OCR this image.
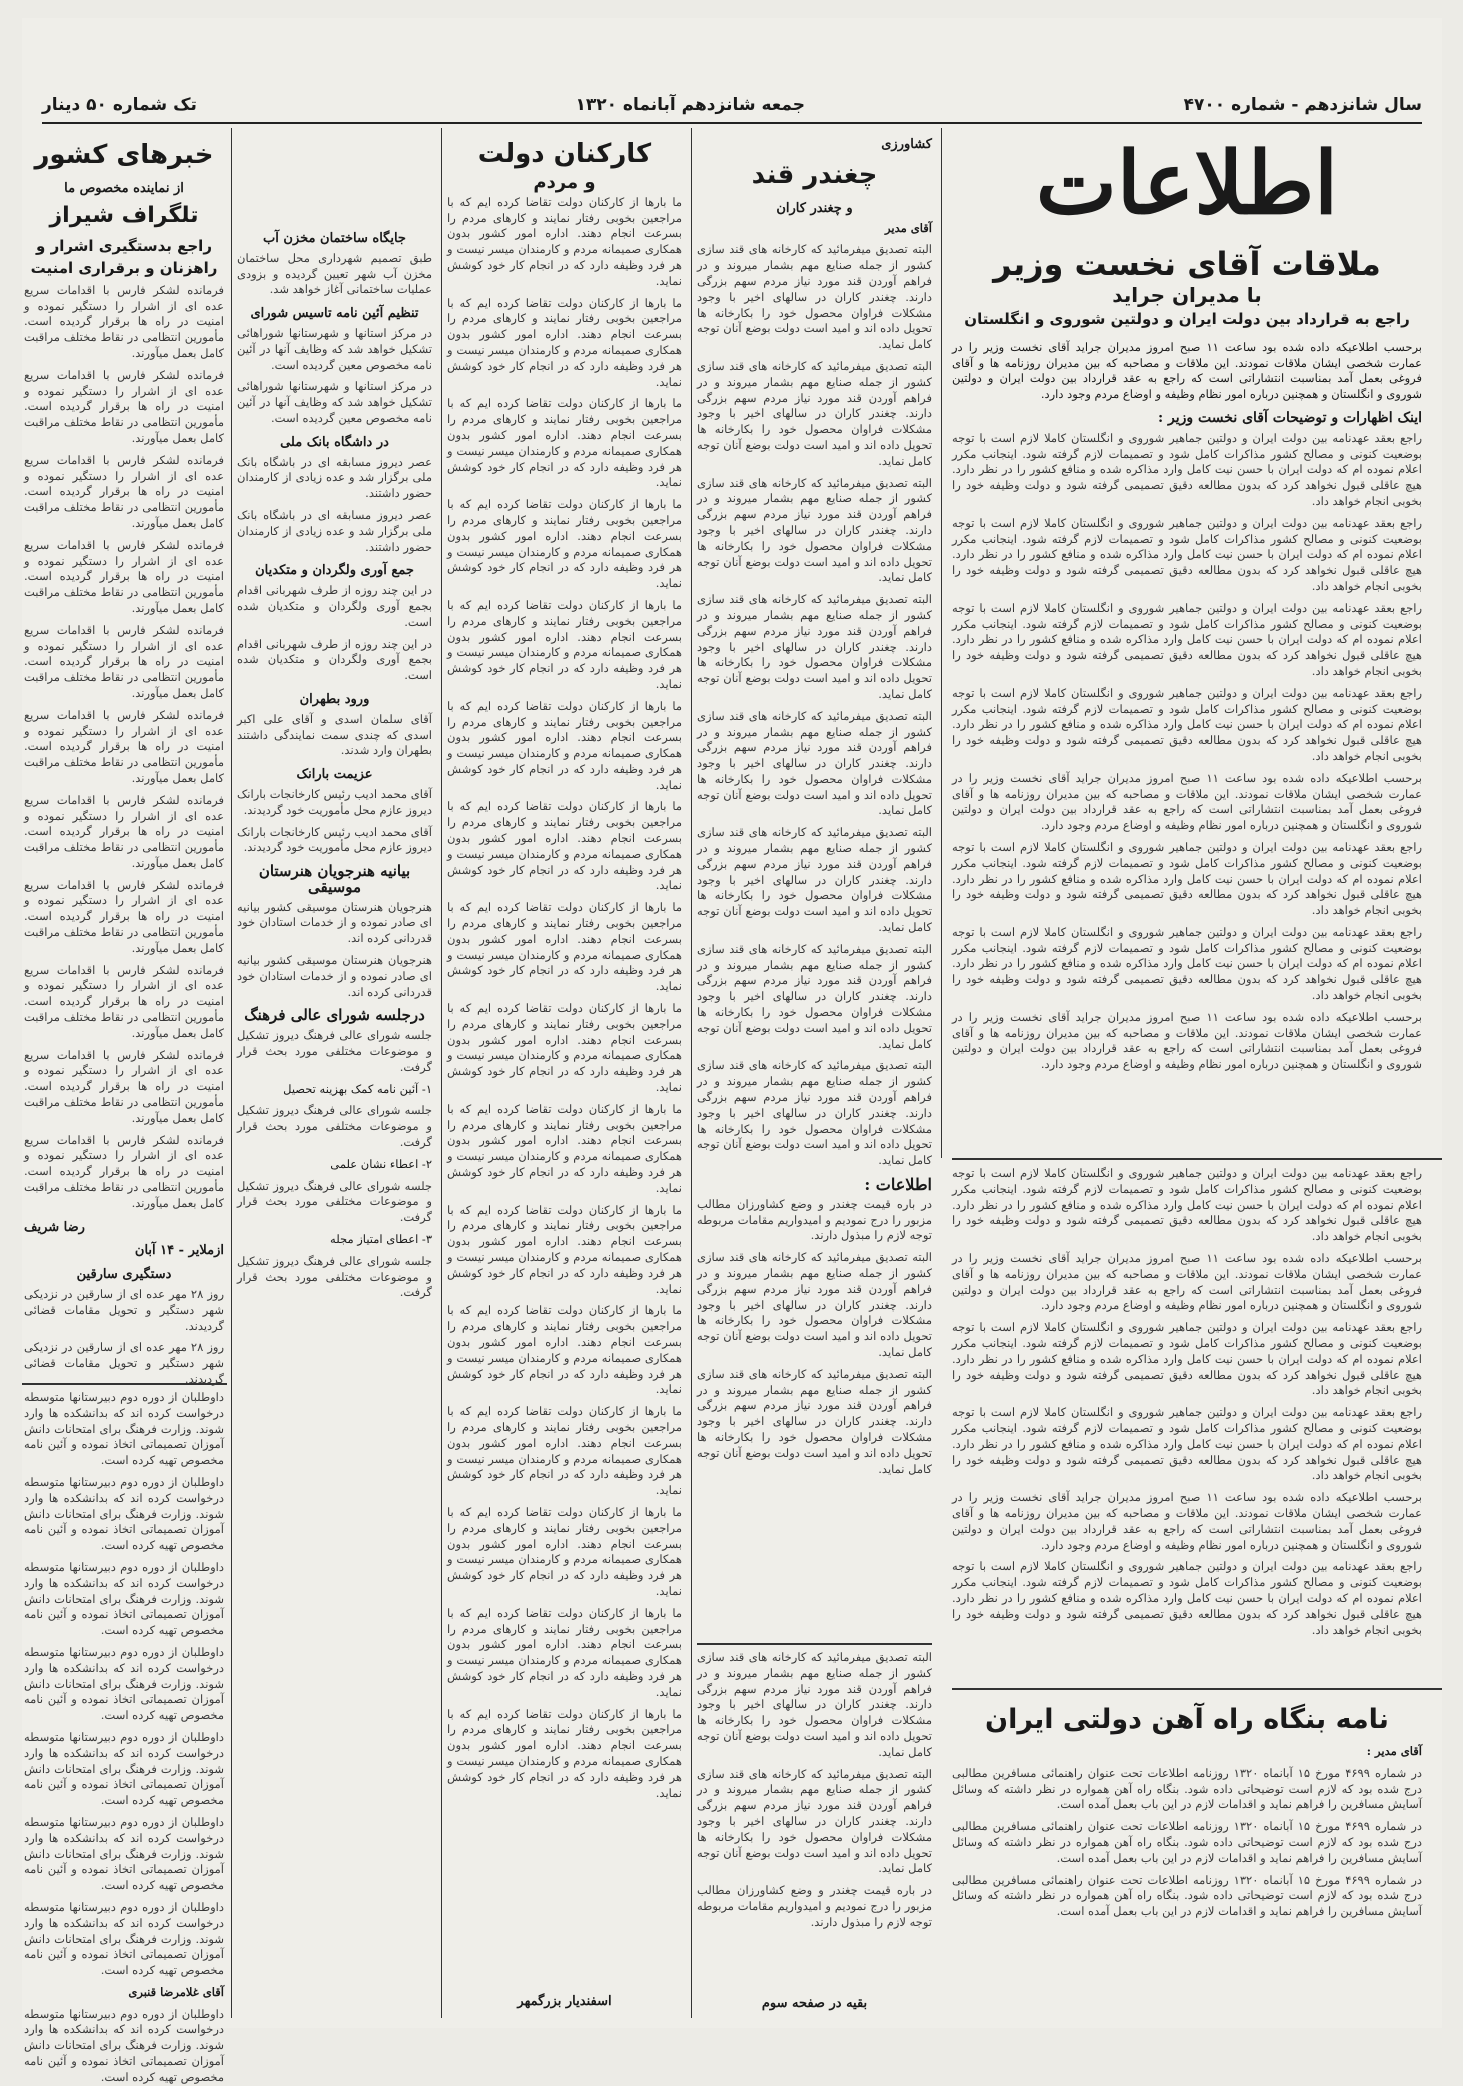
سال شانزدهم - شماره ۴۷۰۰
جمعه شانزدهم آبانماه ۱۳۲۰
تک شماره ۵۰ دینار
اطلاعات
ملاقات آقای نخست وزیر
با مدیران جراید
راجع به قرارداد بین دولت ایران و دولتین شوروی و انگلستان

برحسب اطلاعیکه داده شده بود ساعت ۱۱ صبح امروز مدیران جراید آقای نخست وزیر را در عمارت شخصی ایشان ملاقات نمودند. این ملاقات و مصاحبه که بین مدیران روزنامه ها و آقای فروغی بعمل آمد بمناسبت انتشاراتی است که راجع به عقد قرارداد بین دولت ایران و دولتین شوروی و انگلستان و همچنین درباره امور نظام وظیفه و اوضاع مردم وجود دارد.

اینک اظهارات و توضیحات آقای نخست وزیر :

راجع بعقد عهدنامه بین دولت ایران و دولتین جماهیر شوروی و انگلستان کاملا لازم است با توجه بوضعیت کنونی و مصالح کشور مذاکرات کامل شود و تصمیمات لازم گرفته شود. اینجانب مکرر اعلام نموده ام که دولت ایران با حسن نیت کامل وارد مذاکره شده و منافع کشور را در نظر دارد. هیچ عاقلی قبول نخواهد کرد که بدون مطالعه دقیق تصمیمی گرفته شود و دولت وظیفه خود را بخوبی انجام خواهد داد.

راجع بعقد عهدنامه بین دولت ایران و دولتین جماهیر شوروی و انگلستان کاملا لازم است با توجه بوضعیت کنونی و مصالح کشور مذاکرات کامل شود و تصمیمات لازم گرفته شود. اینجانب مکرر اعلام نموده ام که دولت ایران با حسن نیت کامل وارد مذاکره شده و منافع کشور را در نظر دارد. هیچ عاقلی قبول نخواهد کرد که بدون مطالعه دقیق تصمیمی گرفته شود و دولت وظیفه خود را بخوبی انجام خواهد داد.

راجع بعقد عهدنامه بین دولت ایران و دولتین جماهیر شوروی و انگلستان کاملا لازم است با توجه بوضعیت کنونی و مصالح کشور مذاکرات کامل شود و تصمیمات لازم گرفته شود. اینجانب مکرر اعلام نموده ام که دولت ایران با حسن نیت کامل وارد مذاکره شده و منافع کشور را در نظر دارد. هیچ عاقلی قبول نخواهد کرد که بدون مطالعه دقیق تصمیمی گرفته شود و دولت وظیفه خود را بخوبی انجام خواهد داد.

راجع بعقد عهدنامه بین دولت ایران و دولتین جماهیر شوروی و انگلستان کاملا لازم است با توجه بوضعیت کنونی و مصالح کشور مذاکرات کامل شود و تصمیمات لازم گرفته شود. اینجانب مکرر اعلام نموده ام که دولت ایران با حسن نیت کامل وارد مذاکره شده و منافع کشور را در نظر دارد. هیچ عاقلی قبول نخواهد کرد که بدون مطالعه دقیق تصمیمی گرفته شود و دولت وظیفه خود را بخوبی انجام خواهد داد.

برحسب اطلاعیکه داده شده بود ساعت ۱۱ صبح امروز مدیران جراید آقای نخست وزیر را در عمارت شخصی ایشان ملاقات نمودند. این ملاقات و مصاحبه که بین مدیران روزنامه ها و آقای فروغی بعمل آمد بمناسبت انتشاراتی است که راجع به عقد قرارداد بین دولت ایران و دولتین شوروی و انگلستان و همچنین درباره امور نظام وظیفه و اوضاع مردم وجود دارد.

راجع بعقد عهدنامه بین دولت ایران و دولتین جماهیر شوروی و انگلستان کاملا لازم است با توجه بوضعیت کنونی و مصالح کشور مذاکرات کامل شود و تصمیمات لازم گرفته شود. اینجانب مکرر اعلام نموده ام که دولت ایران با حسن نیت کامل وارد مذاکره شده و منافع کشور را در نظر دارد. هیچ عاقلی قبول نخواهد کرد که بدون مطالعه دقیق تصمیمی گرفته شود و دولت وظیفه خود را بخوبی انجام خواهد داد.

راجع بعقد عهدنامه بین دولت ایران و دولتین جماهیر شوروی و انگلستان کاملا لازم است با توجه بوضعیت کنونی و مصالح کشور مذاکرات کامل شود و تصمیمات لازم گرفته شود. اینجانب مکرر اعلام نموده ام که دولت ایران با حسن نیت کامل وارد مذاکره شده و منافع کشور را در نظر دارد. هیچ عاقلی قبول نخواهد کرد که بدون مطالعه دقیق تصمیمی گرفته شود و دولت وظیفه خود را بخوبی انجام خواهد داد.

برحسب اطلاعیکه داده شده بود ساعت ۱۱ صبح امروز مدیران جراید آقای نخست وزیر را در عمارت شخصی ایشان ملاقات نمودند. این ملاقات و مصاحبه که بین مدیران روزنامه ها و آقای فروغی بعمل آمد بمناسبت انتشاراتی است که راجع به عقد قرارداد بین دولت ایران و دولتین شوروی و انگلستان و همچنین درباره امور نظام وظیفه و اوضاع مردم وجود دارد.

نامه بنگاه راه آهن دولتی ایران

آقای مدیر :

در شماره ۴۶۹۹ مورخ ۱۵ آبانماه ۱۳۲۰ روزنامه اطلاعات تحت عنوان راهنمائی مسافرین مطالبی درج شده بود که لازم است توضیحاتی داده شود. بنگاه راه آهن همواره در نظر داشته که وسائل آسایش مسافرین را فراهم نماید و اقدامات لازم در این باب بعمل آمده است.

در شماره ۴۶۹۹ مورخ ۱۵ آبانماه ۱۳۲۰ روزنامه اطلاعات تحت عنوان راهنمائی مسافرین مطالبی درج شده بود که لازم است توضیحاتی داده شود. بنگاه راه آهن همواره در نظر داشته که وسائل آسایش مسافرین را فراهم نماید و اقدامات لازم در این باب بعمل آمده است.

در شماره ۴۶۹۹ مورخ ۱۵ آبانماه ۱۳۲۰ روزنامه اطلاعات تحت عنوان راهنمائی مسافرین مطالبی درج شده بود که لازم است توضیحاتی داده شود. بنگاه راه آهن همواره در نظر داشته که وسائل آسایش مسافرین را فراهم نماید و اقدامات لازم در این باب بعمل آمده است.

راجع بعقد عهدنامه بین دولت ایران و دولتین جماهیر شوروی و انگلستان کاملا لازم است با توجه بوضعیت کنونی و مصالح کشور مذاکرات کامل شود و تصمیمات لازم گرفته شود. اینجانب مکرر اعلام نموده ام که دولت ایران با حسن نیت کامل وارد مذاکره شده و منافع کشور را در نظر دارد. هیچ عاقلی قبول نخواهد کرد که بدون مطالعه دقیق تصمیمی گرفته شود و دولت وظیفه خود را بخوبی انجام خواهد داد.

برحسب اطلاعیکه داده شده بود ساعت ۱۱ صبح امروز مدیران جراید آقای نخست وزیر را در عمارت شخصی ایشان ملاقات نمودند. این ملاقات و مصاحبه که بین مدیران روزنامه ها و آقای فروغی بعمل آمد بمناسبت انتشاراتی است که راجع به عقد قرارداد بین دولت ایران و دولتین شوروی و انگلستان و همچنین درباره امور نظام وظیفه و اوضاع مردم وجود دارد.

راجع بعقد عهدنامه بین دولت ایران و دولتین جماهیر شوروی و انگلستان کاملا لازم است با توجه بوضعیت کنونی و مصالح کشور مذاکرات کامل شود و تصمیمات لازم گرفته شود. اینجانب مکرر اعلام نموده ام که دولت ایران با حسن نیت کامل وارد مذاکره شده و منافع کشور را در نظر دارد. هیچ عاقلی قبول نخواهد کرد که بدون مطالعه دقیق تصمیمی گرفته شود و دولت وظیفه خود را بخوبی انجام خواهد داد.

راجع بعقد عهدنامه بین دولت ایران و دولتین جماهیر شوروی و انگلستان کاملا لازم است با توجه بوضعیت کنونی و مصالح کشور مذاکرات کامل شود و تصمیمات لازم گرفته شود. اینجانب مکرر اعلام نموده ام که دولت ایران با حسن نیت کامل وارد مذاکره شده و منافع کشور را در نظر دارد. هیچ عاقلی قبول نخواهد کرد که بدون مطالعه دقیق تصمیمی گرفته شود و دولت وظیفه خود را بخوبی انجام خواهد داد.

برحسب اطلاعیکه داده شده بود ساعت ۱۱ صبح امروز مدیران جراید آقای نخست وزیر را در عمارت شخصی ایشان ملاقات نمودند. این ملاقات و مصاحبه که بین مدیران روزنامه ها و آقای فروغی بعمل آمد بمناسبت انتشاراتی است که راجع به عقد قرارداد بین دولت ایران و دولتین شوروی و انگلستان و همچنین درباره امور نظام وظیفه و اوضاع مردم وجود دارد.

راجع بعقد عهدنامه بین دولت ایران و دولتین جماهیر شوروی و انگلستان کاملا لازم است با توجه بوضعیت کنونی و مصالح کشور مذاکرات کامل شود و تصمیمات لازم گرفته شود. اینجانب مکرر اعلام نموده ام که دولت ایران با حسن نیت کامل وارد مذاکره شده و منافع کشور را در نظر دارد. هیچ عاقلی قبول نخواهد کرد که بدون مطالعه دقیق تصمیمی گرفته شود و دولت وظیفه خود را بخوبی انجام خواهد داد.

کشاورزی
چغندر قند
و چغندر کاران

آقای مدیر

البته تصدیق میفرمائید که کارخانه های قند سازی کشور از جمله صنایع مهم بشمار میروند و در فراهم آوردن قند مورد نیاز مردم سهم بزرگی دارند. چغندر کاران در سالهای اخیر با وجود مشکلات فراوان محصول خود را بکارخانه ها تحویل داده اند و امید است دولت بوضع آنان توجه کامل نماید.

البته تصدیق میفرمائید که کارخانه های قند سازی کشور از جمله صنایع مهم بشمار میروند و در فراهم آوردن قند مورد نیاز مردم سهم بزرگی دارند. چغندر کاران در سالهای اخیر با وجود مشکلات فراوان محصول خود را بکارخانه ها تحویل داده اند و امید است دولت بوضع آنان توجه کامل نماید.

البته تصدیق میفرمائید که کارخانه های قند سازی کشور از جمله صنایع مهم بشمار میروند و در فراهم آوردن قند مورد نیاز مردم سهم بزرگی دارند. چغندر کاران در سالهای اخیر با وجود مشکلات فراوان محصول خود را بکارخانه ها تحویل داده اند و امید است دولت بوضع آنان توجه کامل نماید.

البته تصدیق میفرمائید که کارخانه های قند سازی کشور از جمله صنایع مهم بشمار میروند و در فراهم آوردن قند مورد نیاز مردم سهم بزرگی دارند. چغندر کاران در سالهای اخیر با وجود مشکلات فراوان محصول خود را بکارخانه ها تحویل داده اند و امید است دولت بوضع آنان توجه کامل نماید.

البته تصدیق میفرمائید که کارخانه های قند سازی کشور از جمله صنایع مهم بشمار میروند و در فراهم آوردن قند مورد نیاز مردم سهم بزرگی دارند. چغندر کاران در سالهای اخیر با وجود مشکلات فراوان محصول خود را بکارخانه ها تحویل داده اند و امید است دولت بوضع آنان توجه کامل نماید.

البته تصدیق میفرمائید که کارخانه های قند سازی کشور از جمله صنایع مهم بشمار میروند و در فراهم آوردن قند مورد نیاز مردم سهم بزرگی دارند. چغندر کاران در سالهای اخیر با وجود مشکلات فراوان محصول خود را بکارخانه ها تحویل داده اند و امید است دولت بوضع آنان توجه کامل نماید.

البته تصدیق میفرمائید که کارخانه های قند سازی کشور از جمله صنایع مهم بشمار میروند و در فراهم آوردن قند مورد نیاز مردم سهم بزرگی دارند. چغندر کاران در سالهای اخیر با وجود مشکلات فراوان محصول خود را بکارخانه ها تحویل داده اند و امید است دولت بوضع آنان توجه کامل نماید.

البته تصدیق میفرمائید که کارخانه های قند سازی کشور از جمله صنایع مهم بشمار میروند و در فراهم آوردن قند مورد نیاز مردم سهم بزرگی دارند. چغندر کاران در سالهای اخیر با وجود مشکلات فراوان محصول خود را بکارخانه ها تحویل داده اند و امید است دولت بوضع آنان توجه کامل نماید.

اطلاعات :

در باره قیمت چغندر و وضع کشاورزان مطالب مزبور را درج نمودیم و امیدواریم مقامات مربوطه توجه لازم را مبذول دارند.

البته تصدیق میفرمائید که کارخانه های قند سازی کشور از جمله صنایع مهم بشمار میروند و در فراهم آوردن قند مورد نیاز مردم سهم بزرگی دارند. چغندر کاران در سالهای اخیر با وجود مشکلات فراوان محصول خود را بکارخانه ها تحویل داده اند و امید است دولت بوضع آنان توجه کامل نماید.

البته تصدیق میفرمائید که کارخانه های قند سازی کشور از جمله صنایع مهم بشمار میروند و در فراهم آوردن قند مورد نیاز مردم سهم بزرگی دارند. چغندر کاران در سالهای اخیر با وجود مشکلات فراوان محصول خود را بکارخانه ها تحویل داده اند و امید است دولت بوضع آنان توجه کامل نماید.

البته تصدیق میفرمائید که کارخانه های قند سازی کشور از جمله صنایع مهم بشمار میروند و در فراهم آوردن قند مورد نیاز مردم سهم بزرگی دارند. چغندر کاران در سالهای اخیر با وجود مشکلات فراوان محصول خود را بکارخانه ها تحویل داده اند و امید است دولت بوضع آنان توجه کامل نماید.

البته تصدیق میفرمائید که کارخانه های قند سازی کشور از جمله صنایع مهم بشمار میروند و در فراهم آوردن قند مورد نیاز مردم سهم بزرگی دارند. چغندر کاران در سالهای اخیر با وجود مشکلات فراوان محصول خود را بکارخانه ها تحویل داده اند و امید است دولت بوضع آنان توجه کامل نماید.

در باره قیمت چغندر و وضع کشاورزان مطالب مزبور را درج نمودیم و امیدواریم مقامات مربوطه توجه لازم را مبذول دارند.

بقیه در صفحه سوم
کارکنان دولت
و مردم

ما بارها از کارکنان دولت تقاضا کرده ایم که با مراجعین بخوبی رفتار نمایند و کارهای مردم را بسرعت انجام دهند. اداره امور کشور بدون همکاری صمیمانه مردم و کارمندان میسر نیست و هر فرد وظیفه دارد که در انجام کار خود کوشش نماید.

ما بارها از کارکنان دولت تقاضا کرده ایم که با مراجعین بخوبی رفتار نمایند و کارهای مردم را بسرعت انجام دهند. اداره امور کشور بدون همکاری صمیمانه مردم و کارمندان میسر نیست و هر فرد وظیفه دارد که در انجام کار خود کوشش نماید.

ما بارها از کارکنان دولت تقاضا کرده ایم که با مراجعین بخوبی رفتار نمایند و کارهای مردم را بسرعت انجام دهند. اداره امور کشور بدون همکاری صمیمانه مردم و کارمندان میسر نیست و هر فرد وظیفه دارد که در انجام کار خود کوشش نماید.

ما بارها از کارکنان دولت تقاضا کرده ایم که با مراجعین بخوبی رفتار نمایند و کارهای مردم را بسرعت انجام دهند. اداره امور کشور بدون همکاری صمیمانه مردم و کارمندان میسر نیست و هر فرد وظیفه دارد که در انجام کار خود کوشش نماید.

ما بارها از کارکنان دولت تقاضا کرده ایم که با مراجعین بخوبی رفتار نمایند و کارهای مردم را بسرعت انجام دهند. اداره امور کشور بدون همکاری صمیمانه مردم و کارمندان میسر نیست و هر فرد وظیفه دارد که در انجام کار خود کوشش نماید.

ما بارها از کارکنان دولت تقاضا کرده ایم که با مراجعین بخوبی رفتار نمایند و کارهای مردم را بسرعت انجام دهند. اداره امور کشور بدون همکاری صمیمانه مردم و کارمندان میسر نیست و هر فرد وظیفه دارد که در انجام کار خود کوشش نماید.

ما بارها از کارکنان دولت تقاضا کرده ایم که با مراجعین بخوبی رفتار نمایند و کارهای مردم را بسرعت انجام دهند. اداره امور کشور بدون همکاری صمیمانه مردم و کارمندان میسر نیست و هر فرد وظیفه دارد که در انجام کار خود کوشش نماید.

ما بارها از کارکنان دولت تقاضا کرده ایم که با مراجعین بخوبی رفتار نمایند و کارهای مردم را بسرعت انجام دهند. اداره امور کشور بدون همکاری صمیمانه مردم و کارمندان میسر نیست و هر فرد وظیفه دارد که در انجام کار خود کوشش نماید.

ما بارها از کارکنان دولت تقاضا کرده ایم که با مراجعین بخوبی رفتار نمایند و کارهای مردم را بسرعت انجام دهند. اداره امور کشور بدون همکاری صمیمانه مردم و کارمندان میسر نیست و هر فرد وظیفه دارد که در انجام کار خود کوشش نماید.

ما بارها از کارکنان دولت تقاضا کرده ایم که با مراجعین بخوبی رفتار نمایند و کارهای مردم را بسرعت انجام دهند. اداره امور کشور بدون همکاری صمیمانه مردم و کارمندان میسر نیست و هر فرد وظیفه دارد که در انجام کار خود کوشش نماید.

ما بارها از کارکنان دولت تقاضا کرده ایم که با مراجعین بخوبی رفتار نمایند و کارهای مردم را بسرعت انجام دهند. اداره امور کشور بدون همکاری صمیمانه مردم و کارمندان میسر نیست و هر فرد وظیفه دارد که در انجام کار خود کوشش نماید.

ما بارها از کارکنان دولت تقاضا کرده ایم که با مراجعین بخوبی رفتار نمایند و کارهای مردم را بسرعت انجام دهند. اداره امور کشور بدون همکاری صمیمانه مردم و کارمندان میسر نیست و هر فرد وظیفه دارد که در انجام کار خود کوشش نماید.

ما بارها از کارکنان دولت تقاضا کرده ایم که با مراجعین بخوبی رفتار نمایند و کارهای مردم را بسرعت انجام دهند. اداره امور کشور بدون همکاری صمیمانه مردم و کارمندان میسر نیست و هر فرد وظیفه دارد که در انجام کار خود کوشش نماید.

ما بارها از کارکنان دولت تقاضا کرده ایم که با مراجعین بخوبی رفتار نمایند و کارهای مردم را بسرعت انجام دهند. اداره امور کشور بدون همکاری صمیمانه مردم و کارمندان میسر نیست و هر فرد وظیفه دارد که در انجام کار خود کوشش نماید.

ما بارها از کارکنان دولت تقاضا کرده ایم که با مراجعین بخوبی رفتار نمایند و کارهای مردم را بسرعت انجام دهند. اداره امور کشور بدون همکاری صمیمانه مردم و کارمندان میسر نیست و هر فرد وظیفه دارد که در انجام کار خود کوشش نماید.

ما بارها از کارکنان دولت تقاضا کرده ایم که با مراجعین بخوبی رفتار نمایند و کارهای مردم را بسرعت انجام دهند. اداره امور کشور بدون همکاری صمیمانه مردم و کارمندان میسر نیست و هر فرد وظیفه دارد که در انجام کار خود کوشش نماید.

اسفندیار بزرگمهر
جایگاه ساختمان مخزن آب

طبق تصمیم شهرداری محل ساختمان مخزن آب شهر تعیین گردیده و بزودی عملیات ساختمانی آغاز خواهد شد.

تنظیم آئین نامه تاسیس شورای

در مرکز استانها و شهرستانها شوراهائی تشکیل خواهد شد که وظایف آنها در آئین نامه مخصوص معین گردیده است.

در مرکز استانها و شهرستانها شوراهائی تشکیل خواهد شد که وظایف آنها در آئین نامه مخصوص معین گردیده است.

در داشگاه بانک ملی

عصر دیروز مسابقه ای در باشگاه بانک ملی برگزار شد و عده زیادی از کارمندان حضور داشتند.

عصر دیروز مسابقه ای در باشگاه بانک ملی برگزار شد و عده زیادی از کارمندان حضور داشتند.

جمع آوری ولگردان و متکدیان

در این چند روزه از طرف شهربانی اقدام بجمع آوری ولگردان و متکدیان شده است.

در این چند روزه از طرف شهربانی اقدام بجمع آوری ولگردان و متکدیان شده است.

ورود بطهران

آقای سلمان اسدی و آقای علی اکبر اسدی که چندی سمت نمایندگی داشتند بطهران وارد شدند.

عزیمت بارانک

آقای محمد ادیب رئیس کارخانجات بارانک دیروز عازم محل مأموریت خود گردیدند.

آقای محمد ادیب رئیس کارخانجات بارانک دیروز عازم محل مأموریت خود گردیدند.

بیانیه هنرجویان هنرستان موسیقی

هنرجویان هنرستان موسیقی کشور بیانیه ای صادر نموده و از خدمات استادان خود قدردانی کرده اند.

هنرجویان هنرستان موسیقی کشور بیانیه ای صادر نموده و از خدمات استادان خود قدردانی کرده اند.

درجلسه شورای عالی فرهنگ

جلسه شورای عالی فرهنگ دیروز تشکیل و موضوعات مختلفی مورد بحث قرار گرفت.

۱- آئین نامه کمک بهزینه تحصیل

جلسه شورای عالی فرهنگ دیروز تشکیل و موضوعات مختلفی مورد بحث قرار گرفت.

۲- اعطاء نشان علمی

جلسه شورای عالی فرهنگ دیروز تشکیل و موضوعات مختلفی مورد بحث قرار گرفت.

۳- اعطای امتیاز مجله

جلسه شورای عالی فرهنگ دیروز تشکیل و موضوعات مختلفی مورد بحث قرار گرفت.

خبرهای کشور
از نماینده مخصوص ما
تلگراف شیراز
راجع بدستگیری اشرار و راهزنان و برقراری امنیت

فرمانده لشکر فارس با اقدامات سریع عده ای از اشرار را دستگیر نموده و امنیت در راه ها برقرار گردیده است. مأمورین انتظامی در نقاط مختلف مراقبت کامل بعمل میآورند.

فرمانده لشکر فارس با اقدامات سریع عده ای از اشرار را دستگیر نموده و امنیت در راه ها برقرار گردیده است. مأمورین انتظامی در نقاط مختلف مراقبت کامل بعمل میآورند.

فرمانده لشکر فارس با اقدامات سریع عده ای از اشرار را دستگیر نموده و امنیت در راه ها برقرار گردیده است. مأمورین انتظامی در نقاط مختلف مراقبت کامل بعمل میآورند.

فرمانده لشکر فارس با اقدامات سریع عده ای از اشرار را دستگیر نموده و امنیت در راه ها برقرار گردیده است. مأمورین انتظامی در نقاط مختلف مراقبت کامل بعمل میآورند.

فرمانده لشکر فارس با اقدامات سریع عده ای از اشرار را دستگیر نموده و امنیت در راه ها برقرار گردیده است. مأمورین انتظامی در نقاط مختلف مراقبت کامل بعمل میآورند.

فرمانده لشکر فارس با اقدامات سریع عده ای از اشرار را دستگیر نموده و امنیت در راه ها برقرار گردیده است. مأمورین انتظامی در نقاط مختلف مراقبت کامل بعمل میآورند.

فرمانده لشکر فارس با اقدامات سریع عده ای از اشرار را دستگیر نموده و امنیت در راه ها برقرار گردیده است. مأمورین انتظامی در نقاط مختلف مراقبت کامل بعمل میآورند.

فرمانده لشکر فارس با اقدامات سریع عده ای از اشرار را دستگیر نموده و امنیت در راه ها برقرار گردیده است. مأمورین انتظامی در نقاط مختلف مراقبت کامل بعمل میآورند.

فرمانده لشکر فارس با اقدامات سریع عده ای از اشرار را دستگیر نموده و امنیت در راه ها برقرار گردیده است. مأمورین انتظامی در نقاط مختلف مراقبت کامل بعمل میآورند.

فرمانده لشکر فارس با اقدامات سریع عده ای از اشرار را دستگیر نموده و امنیت در راه ها برقرار گردیده است. مأمورین انتظامی در نقاط مختلف مراقبت کامل بعمل میآورند.

فرمانده لشکر فارس با اقدامات سریع عده ای از اشرار را دستگیر نموده و امنیت در راه ها برقرار گردیده است. مأمورین انتظامی در نقاط مختلف مراقبت کامل بعمل میآورند.

رضا شریف
ازملایر - ۱۴ آبان
دستگیری سارقین

روز ۲۸ مهر عده ای از سارقین در نزدیکی شهر دستگیر و تحویل مقامات قضائی گردیدند.

روز ۲۸ مهر عده ای از سارقین در نزدیکی شهر دستگیر و تحویل مقامات قضائی گردیدند.

داوطلبان از دوره دوم دبیرستانها متوسطه درخواست کرده اند که بدانشکده ها وارد شوند. وزارت فرهنگ برای امتحانات دانش آموزان تصمیماتی اتخاذ نموده و آئین نامه مخصوص تهیه کرده است.

داوطلبان از دوره دوم دبیرستانها متوسطه درخواست کرده اند که بدانشکده ها وارد شوند. وزارت فرهنگ برای امتحانات دانش آموزان تصمیماتی اتخاذ نموده و آئین نامه مخصوص تهیه کرده است.

داوطلبان از دوره دوم دبیرستانها متوسطه درخواست کرده اند که بدانشکده ها وارد شوند. وزارت فرهنگ برای امتحانات دانش آموزان تصمیماتی اتخاذ نموده و آئین نامه مخصوص تهیه کرده است.

داوطلبان از دوره دوم دبیرستانها متوسطه درخواست کرده اند که بدانشکده ها وارد شوند. وزارت فرهنگ برای امتحانات دانش آموزان تصمیماتی اتخاذ نموده و آئین نامه مخصوص تهیه کرده است.

داوطلبان از دوره دوم دبیرستانها متوسطه درخواست کرده اند که بدانشکده ها وارد شوند. وزارت فرهنگ برای امتحانات دانش آموزان تصمیماتی اتخاذ نموده و آئین نامه مخصوص تهیه کرده است.

داوطلبان از دوره دوم دبیرستانها متوسطه درخواست کرده اند که بدانشکده ها وارد شوند. وزارت فرهنگ برای امتحانات دانش آموزان تصمیماتی اتخاذ نموده و آئین نامه مخصوص تهیه کرده است.

داوطلبان از دوره دوم دبیرستانها متوسطه درخواست کرده اند که بدانشکده ها وارد شوند. وزارت فرهنگ برای امتحانات دانش آموزان تصمیماتی اتخاذ نموده و آئین نامه مخصوص تهیه کرده است.

آقای غلامرضا قنبری

داوطلبان از دوره دوم دبیرستانها متوسطه درخواست کرده اند که بدانشکده ها وارد شوند. وزارت فرهنگ برای امتحانات دانش آموزان تصمیماتی اتخاذ نموده و آئین نامه مخصوص تهیه کرده است.
